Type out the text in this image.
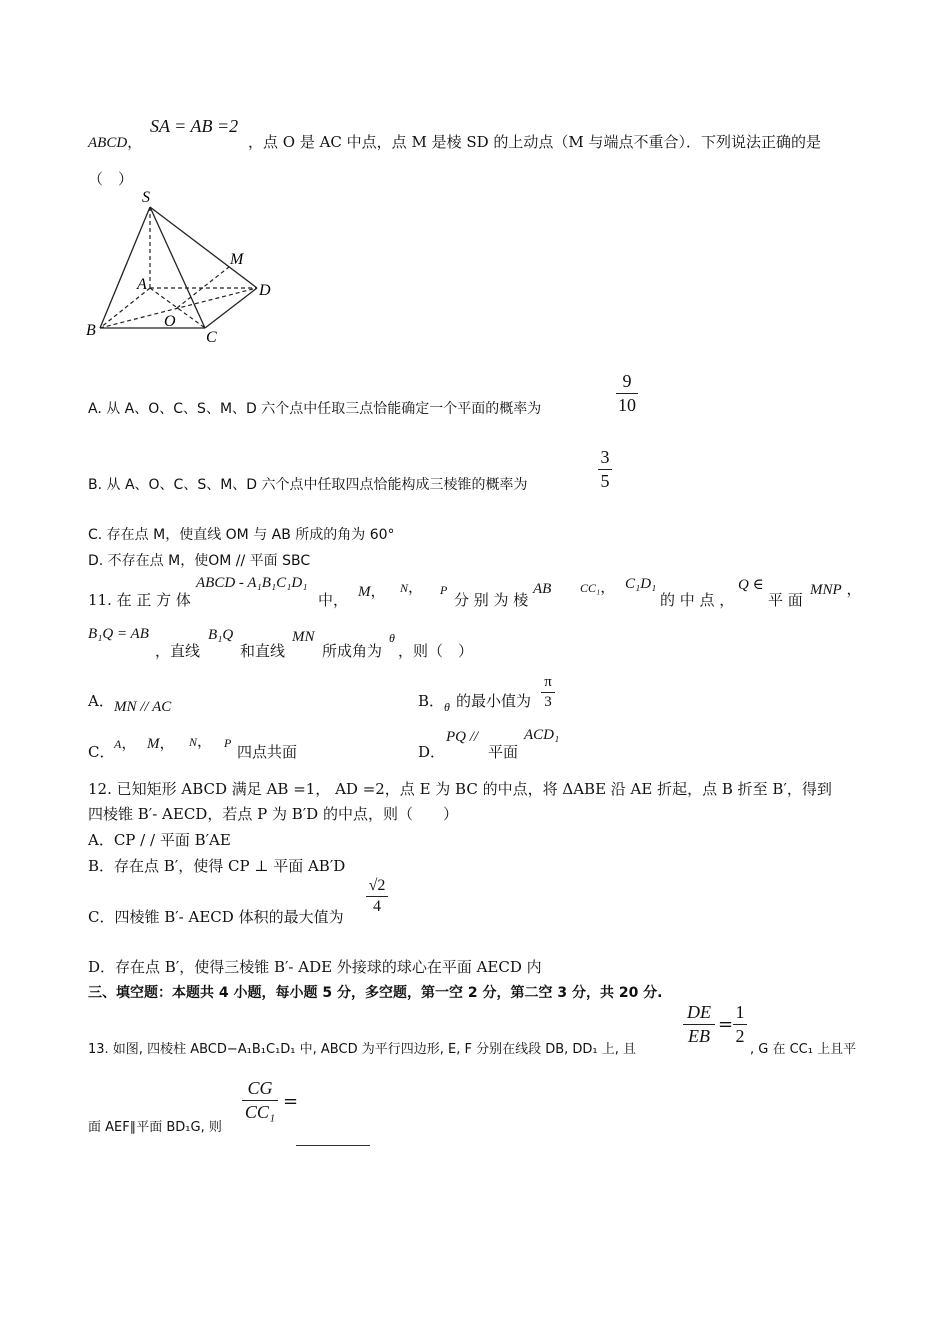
ABCD，
SA = AB =2
，点 O 是 AC 中点，点 M 是棱 SD 的上动点（M 与端点不重合）．下列说法正确的是
（　）
S
M
A	D
O
B	C
A. 从 A、O、C、S、M、D 六个点中任取三点恰能确定一个平面的概率为
9
10
B. 从 A、O、C、S、M、D 六个点中任取四点恰能构成三棱锥的概率为
3
5
C. 存在点 M，使直线 OM 与 AB 所成的角为 60°
D. 不存在点 M，使OM // 平面 SBC
11. 在 正 方 体
ABCD - A₁B₁C₁D₁
中， M， N， P
分 别 为 棱
AB CC₁， C₁D₁
的 中 点 ，
Q ∈
平 面
MNP ，
B₁Q = AB
，直线
B₁Q
和直线
MN
所成角为
θ
，则（　）
A． MN // AC	B． θ 的最小值为
π
3
C． A， M， N， P 四点共面	D．
PQ //
平面
ACD₁
12. 已知矩形 ABCD 满足 AB =1， AD =2，点 E 为 BC 的中点，将 ΔABE 沿 AE 折起，点 B 折至 B′，得到
四棱锥 B′- AECD，若点 P 为 B′D 的中点，则（　　）
A．CP / / 平面 B′AE
B．存在点 B′，使得 CP ⊥ 平面 AB′D
C．四棱锥 B′- AECD 体积的最大值为
√2
4
D．存在点 B′，使得三棱锥 B′- ADE 外接球的球心在平面 AECD 内
三、填空题：本题共 4 小题，每小题 5 分，多空题，第一空 2 分，第二空 3 分，共 20 分.
13. 如图, 四棱柱 ABCD−A₁B₁C₁D₁ 中, ABCD 为平行四边形, E, F 分别在线段 DB, DD₁ 上, 且
DE
EB
=
1
2
, G 在 CC₁ 上且平
面 AEF∥平面 BD₁G, 则
CG
CC₁ =
